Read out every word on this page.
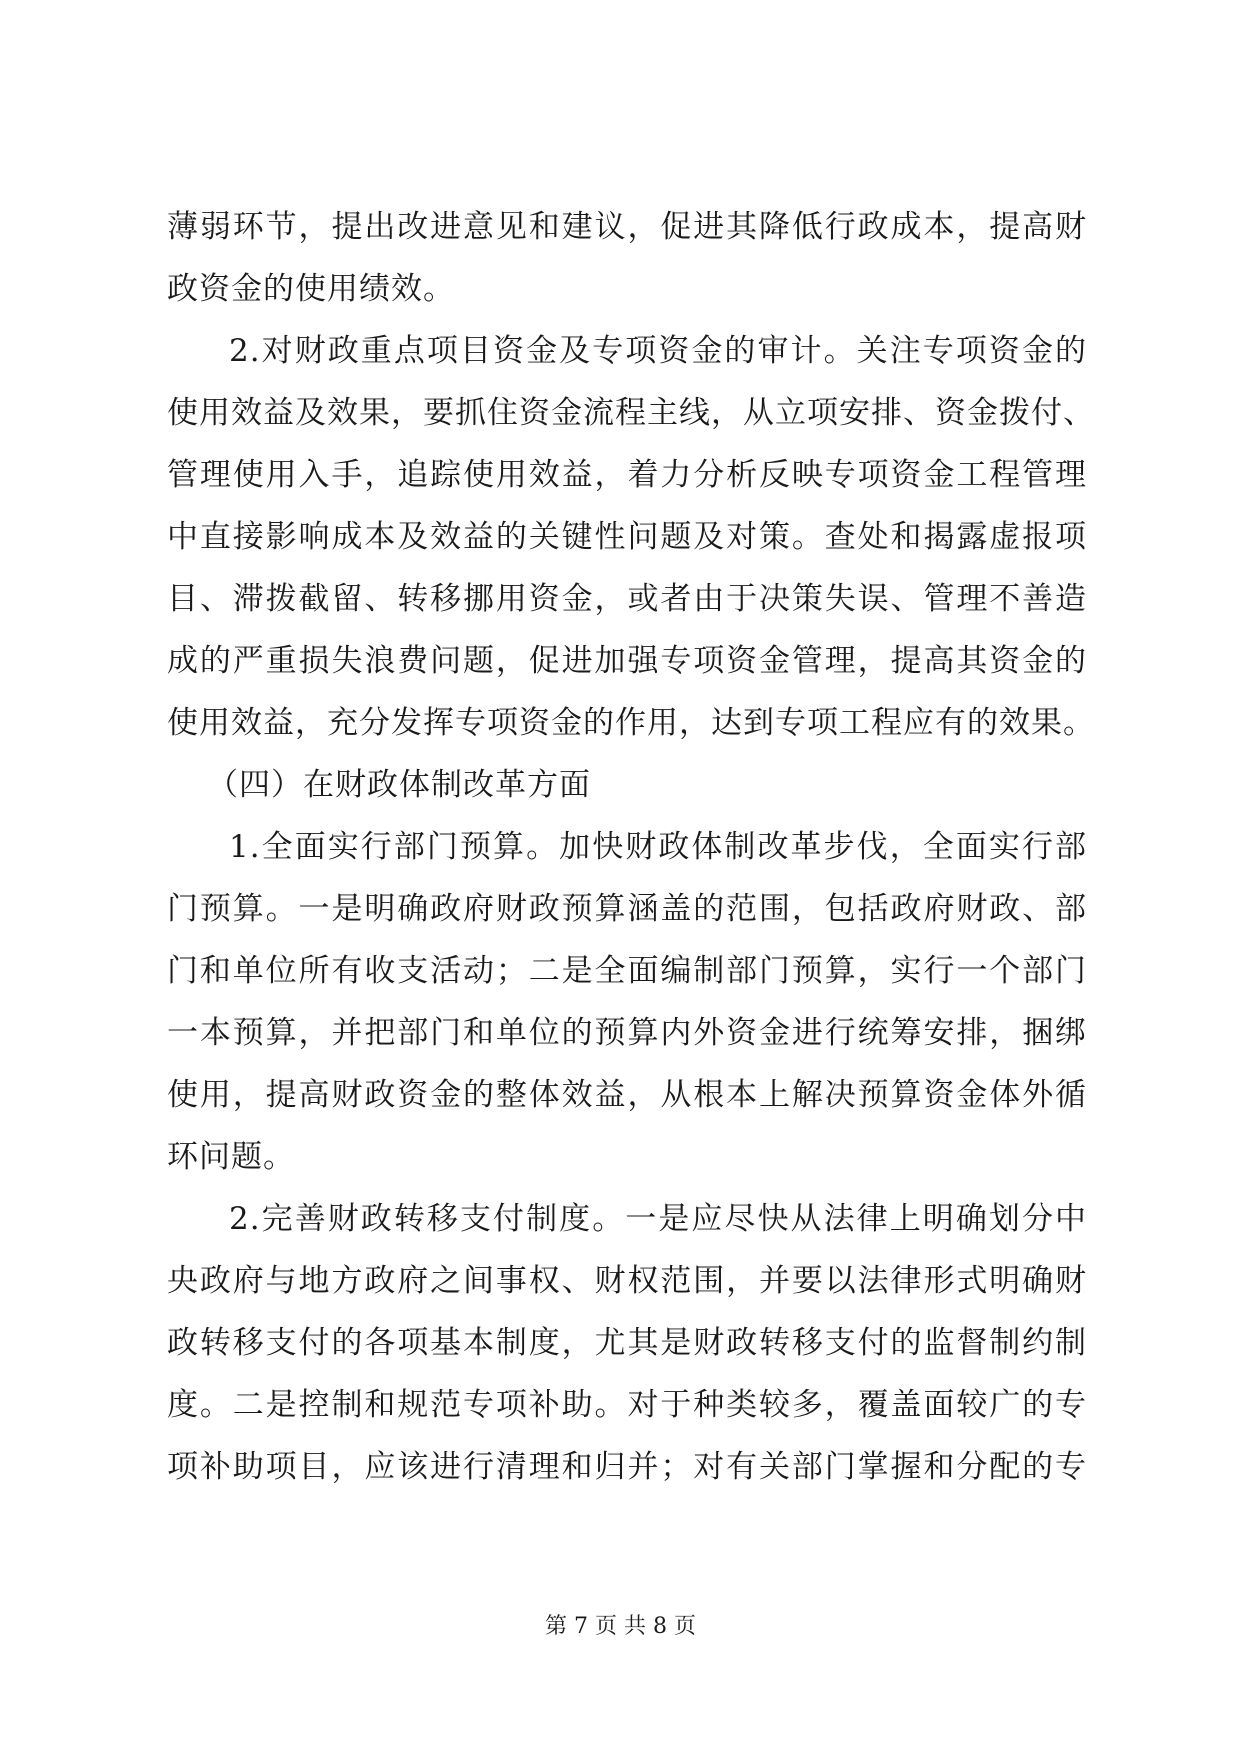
薄弱环节，提出改进意见和建议，促进其降低行政成本，提高财
政资金的使用绩效。
2.对财政重点项目资金及专项资金的审计。关注专项资金的
使用效益及效果，要抓住资金流程主线，从立项安排、资金拨付、
管理使用入手，追踪使用效益，着力分析反映专项资金工程管理
中直接影响成本及效益的关键性问题及对策。查处和揭露虚报项
目、滞拨截留、转移挪用资金，或者由于决策失误、管理不善造
成的严重损失浪费问题，促进加强专项资金管理，提高其资金的
使用效益，充分发挥专项资金的作用，达到专项工程应有的效果。
（四）在财政体制改革方面
1.全面实行部门预算。加快财政体制改革步伐，全面实行部
门预算。一是明确政府财政预算涵盖的范围，包括政府财政、部
门和单位所有收支活动；二是全面编制部门预算，实行一个部门
一本预算，并把部门和单位的预算内外资金进行统筹安排，捆绑
使用，提高财政资金的整体效益，从根本上解决预算资金体外循
环问题。
2.完善财政转移支付制度。一是应尽快从法律上明确划分中
央政府与地方政府之间事权、财权范围，并要以法律形式明确财
政转移支付的各项基本制度，尤其是财政转移支付的监督制约制
度。二是控制和规范专项补助。对于种类较多，覆盖面较广的专
项补助项目，应该进行清理和归并；对有关部门掌握和分配的专
第 7 页 共 8 页
